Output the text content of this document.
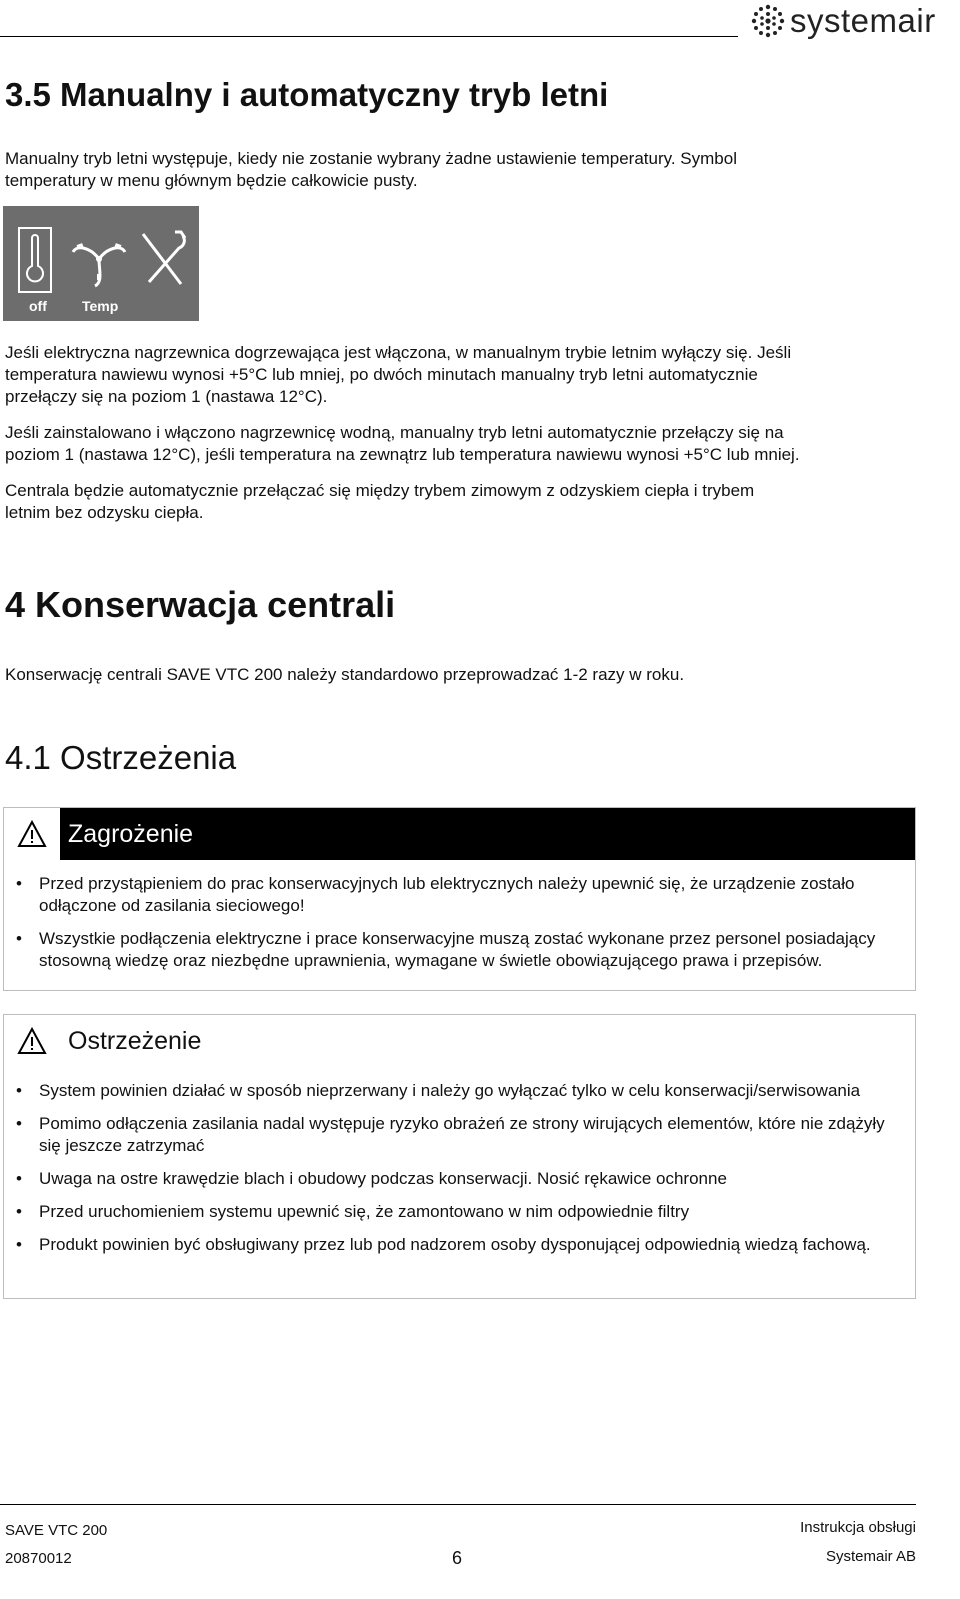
systemair
3.5 Manualny i automatyczny tryb letni
Manualny tryb letni występuje, kiedy nie zostanie wybrany żadne ustawienie temperatury. Symbol
temperatury w menu głównym będzie całkowicie pusty.
off	Temp
Jeśli elektryczna nagrzewnica dogrzewająca jest włączona, w manualnym trybie letnim wyłączy się. Jeśli
temperatura nawiewu wynosi +5°C lub mniej, po dwóch minutach manualny tryb letni automatycznie
przełączy się na poziom 1 (nastawa 12°C).
Jeśli zainstalowano i włączono nagrzewnicę wodną, manualny tryb letni automatycznie przełączy się na
poziom 1 (nastawa 12°C), jeśli temperatura na zewnątrz lub temperatura nawiewu wynosi +5°C lub mniej.
Centrala będzie automatycznie przełączać się między trybem zimowym z odzyskiem ciepła i trybem
letnim bez odzysku ciepła.
4 Konserwacja centrali
Konserwację centrali SAVE VTC 200 należy standardowo przeprowadzać 1-2 razy w roku.
4.1 Ostrzeżenia
Zagrożenie
• Przed przystąpieniem do prac konserwacyjnych lub elektrycznych należy upewnić się, że urządzenie zostało odłączone od zasilania sieciowego!
• Wszystkie podłączenia elektryczne i prace konserwacyjne muszą zostać wykonane przez personel posiadający stosowną wiedzę oraz niezbędne uprawnienia, wymagane w świetle obowiązującego prawa i przepisów.
Ostrzeżenie
• System powinien działać w sposób nieprzerwany i należy go wyłączać tylko w celu konserwacji/serwisowania
• Pomimo odłączenia zasilania nadal występuje ryzyko obrażeń ze strony wirujących elementów, które nie zdążyły się jeszcze zatrzymać
• Uwaga na ostre krawędzie blach i obudowy podczas konserwacji. Nosić rękawice ochronne
• Przed uruchomieniem systemu upewnić się, że zamontowano w nim odpowiednie filtry
• Produkt powinien być obsługiwany przez lub pod nadzorem osoby dysponującej odpowiednią wiedzą fachową.
SAVE VTC 200
20870012	6
Instrukcja obsługi
Systemair AB
